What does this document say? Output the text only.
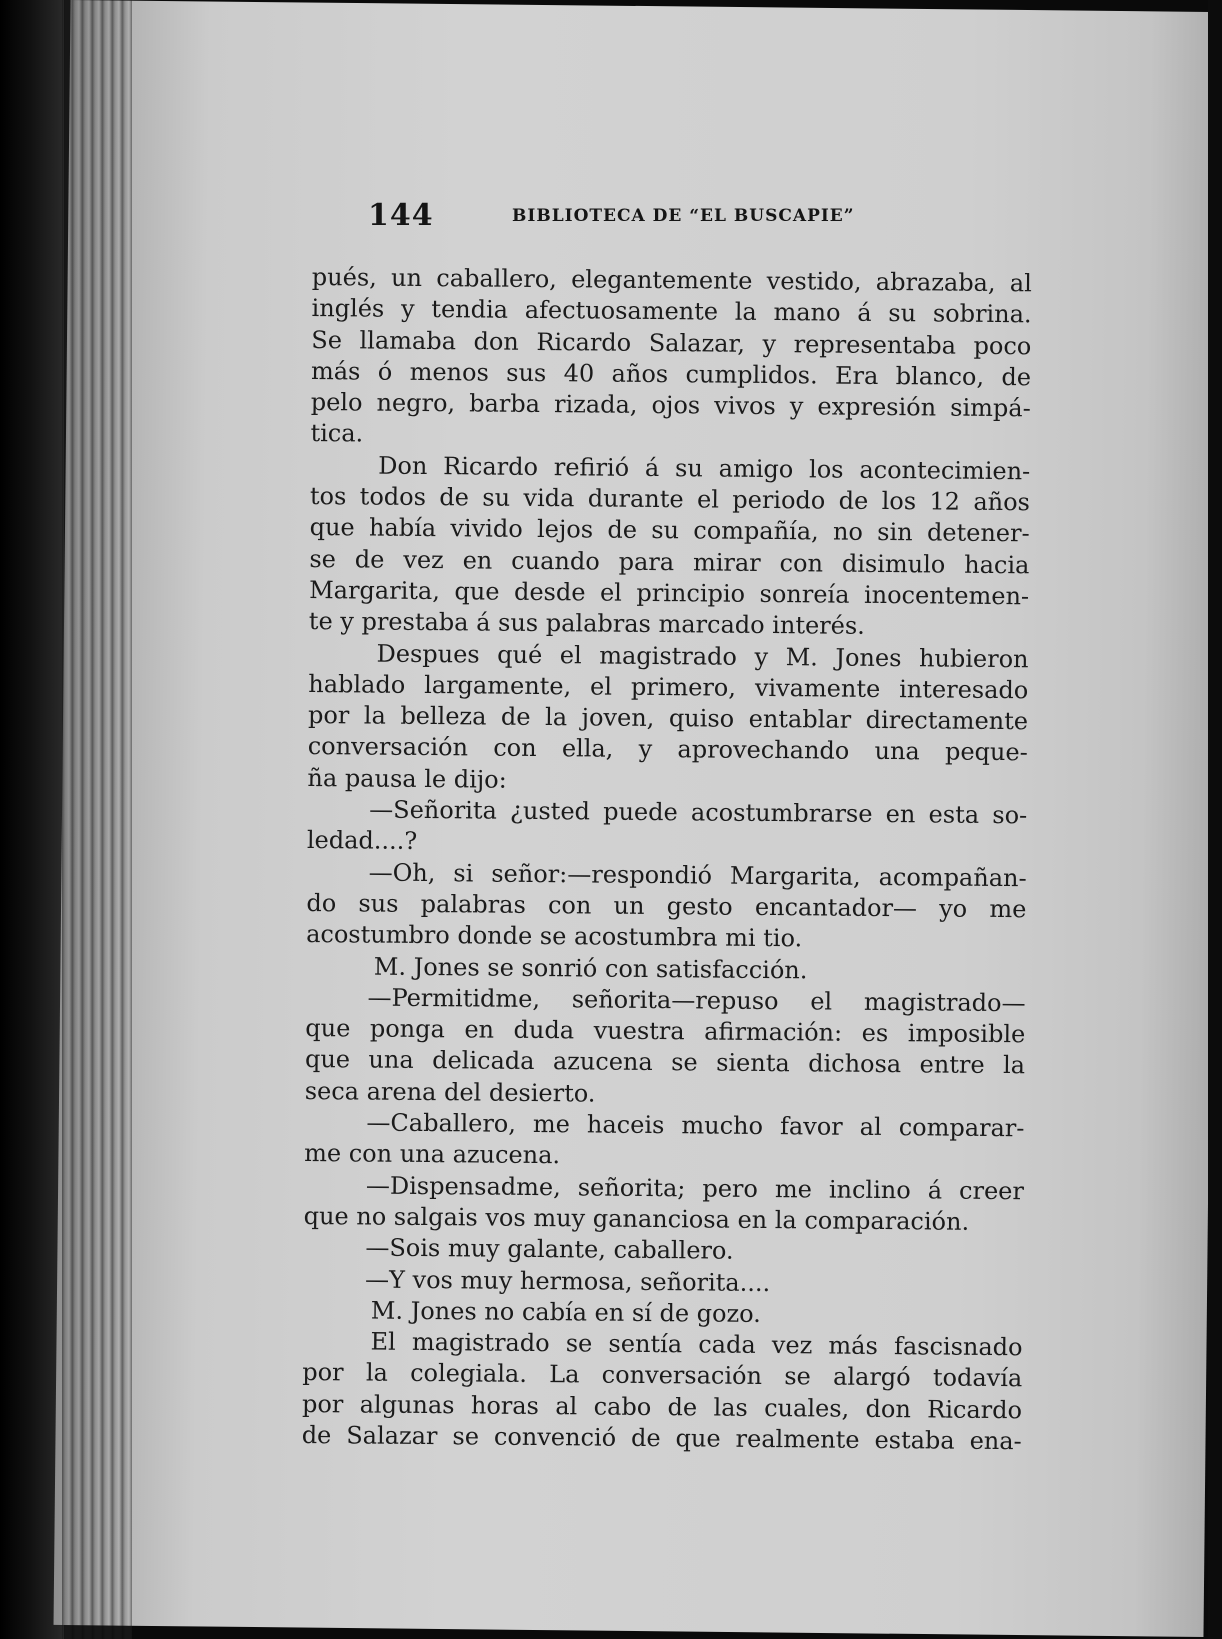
144	BIBLIOTECA DE “EL BUSCAPIE”
pués, un caballero, elegantemente vestido, abrazaba, al
inglés y tendia afectuosamente la mano á su sobrina.
Se llamaba don Ricardo Salazar, y representaba poco
más ó menos sus 40 años cumplidos. Era blanco, de
pelo negro, barba rizada, ojos vivos y expresión simpá-
tica.
Don Ricardo refirió á su amigo los acontecimien-
tos todos de su vida durante el periodo de los 12 años
que había vivido lejos de su compañía, no sin detener-
se de vez en cuando para mirar con disimulo hacia
Margarita, que desde el principio sonreía inocentemen-
te y prestaba á sus palabras marcado interés.
Despues qué el magistrado y M. Jones hubieron
hablado largamente, el primero, vivamente interesado
por la belleza de la joven, quiso entablar directamente
conversación con ella, y aprovechando una peque-
ña pausa le dijo:
—Señorita ¿usted puede acostumbrarse en esta so-
ledad....?
—Oh, si señor:—respondió Margarita, acompañan-
do sus palabras con un gesto encantador— yo me
acostumbro donde se acostumbra mi tio.
M. Jones se sonrió con satisfacción.
—Permitidme, señorita—repuso el magistrado—
que ponga en duda vuestra afirmación: es imposible
que una delicada azucena se sienta dichosa entre la
seca arena del desierto.
—Caballero, me haceis mucho favor al comparar-
me con una azucena.
—Dispensadme, señorita; pero me inclino á creer
que no salgais vos muy gananciosa en la comparación.
—Sois muy galante, caballero.
—Y vos muy hermosa, señorita....
M. Jones no cabía en sí de gozo.
El magistrado se sentía cada vez más fascisnado
por la colegiala. La conversación se alargó todavía
por algunas horas al cabo de las cuales, don Ricardo
de Salazar se convenció de que realmente estaba ena-
